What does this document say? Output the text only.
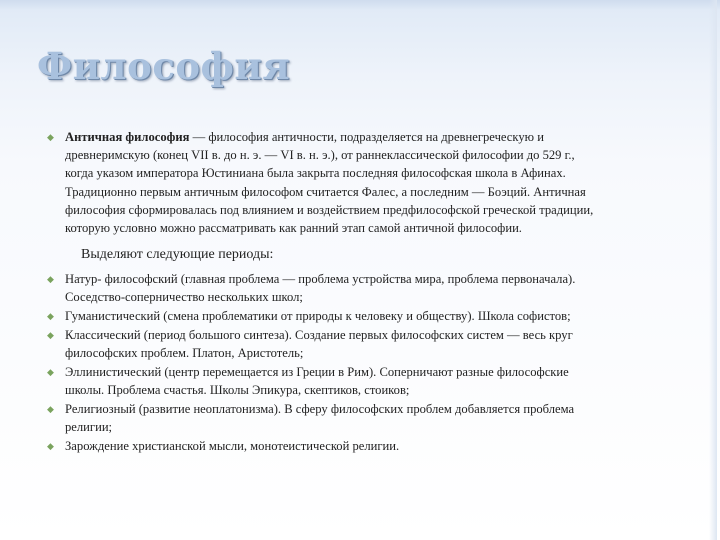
Философия

◆ Античная философия — философия античности, подразделяется на древнегреческую и древнеримскую (конец VII в. до н. э. — VI в. н. э.), от раннеклассической философии до 529 г., когда указом императора Юстиниана была закрыта последняя философская школа в Афинах. Традиционно первым античным философом считается Фалес, а последним — Боэций. Античная философия сформировалась под влиянием и воздействием предфилософской греческой традиции, которую условно можно рассматривать как ранний этап самой античной философии.

Выделяют следующие периоды:

◆ Натур- философский (главная проблема — проблема устройства мира, проблема первоначала). Соседство-соперничество нескольких школ;

◆ Гуманистический (смена проблематики от природы к человеку и обществу). Школа софистов;

◆ Классический (период большого синтеза). Создание первых философских систем — весь круг философских проблем. Платон, Аристотель;

◆ Эллинистический (центр перемещается из Греции в Рим). Соперничают разные философские школы. Проблема счастья. Школы Эпикура, скептиков, стоиков;

◆ Религиозный (развитие неоплатонизма). В сферу философских проблем добавляется проблема религии;

◆ Зарождение христианской мысли, монотеистической религии.
